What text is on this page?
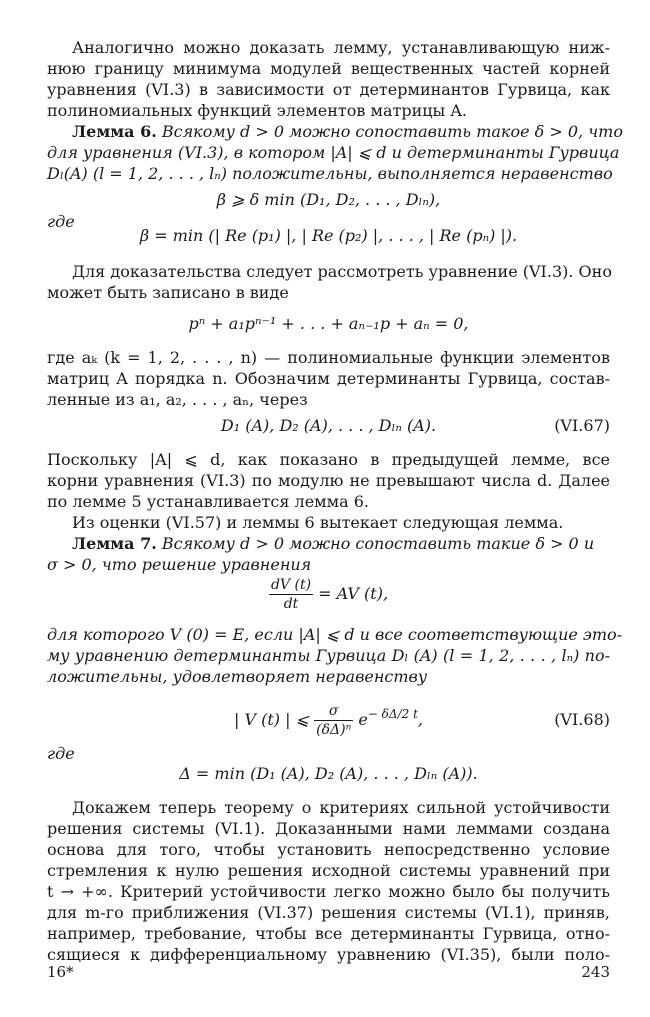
Аналогично можно доказать лемму, устанавливающую ниж-
нюю границу минимума модулей вещественных частей корней
уравнения (VI.3) в зависимости от детерминантов Гурвица, как
полиномиальных функций элементов матрицы A.
Лемма 6. Всякому d > 0 можно сопоставить такое δ > 0, что
для уравнения (VI.3), в котором |A| ⩽ d и детерминанты Гурвица
Dₗ(A) (l = 1, 2, . . . , lₙ) положительны, выполняется неравенство
β ⩾ δ min (D₁, D₂, . . . , Dₗₙ),
где
β = min (| Re (p₁) |, | Re (p₂) |, . . . , | Re (pₙ) |).
Для доказательства следует рассмотреть уравнение (VI.3). Оно
может быть записано в виде
pⁿ + a₁pⁿ⁻¹ + . . . + aₙ₋₁p + aₙ = 0,
где aₖ (k = 1, 2, . . . , n) — полиномиальные функции элементов
матриц A порядка n. Обозначим детерминанты Гурвица, состав-
ленные из a₁, a₂, . . . , aₙ, через
D₁ (A), D₂ (A), . . . , Dₗₙ (A).	(VI.67)
Поскольку |A| ⩽ d, как показано в предыдущей лемме, все
корни уравнения (VI.3) по модулю не превышают числа d. Далее
по лемме 5 устанавливается лемма 6.
Из оценки (VI.57) и леммы 6 вытекает следующая лемма.
Лемма 7. Всякому d > 0 можно сопоставить такие δ > 0 и
σ > 0, что решение уравнения
$\frac{dV (t)}{dt}$ = AV (t),
для которого V (0) = E, если |A| ⩽ d и все соответствующие это-
му уравнению детерминанты Гурвица Dₗ (A) (l = 1, 2, . . . , lₙ) по-
ложительны, удовлетворяет неравенству
| V (t) | ⩽ $\frac{\sigma}{\text{(δΔ)ⁿ}} e^{- \delta\Delta/2 t}$,	(VI.68)
где
Δ = min (D₁ (A), D₂ (A), . . . , Dₗₙ (A)).
Докажем теперь теорему о критериях сильной устойчивости
решения системы (VI.1). Доказанными нами леммами создана
основа для того, чтобы установить непосредственно условие
стремления к нулю решения исходной системы уравнений при
t → +∞. Критерий устойчивости легко можно было бы получить
для m-го приближения (VI.37) решения системы (VI.1), приняв,
например, требование, чтобы все детерминанты Гурвица, отно-
сящиеся к дифференциальному уравнению (VI.35), были поло-
16*	243
